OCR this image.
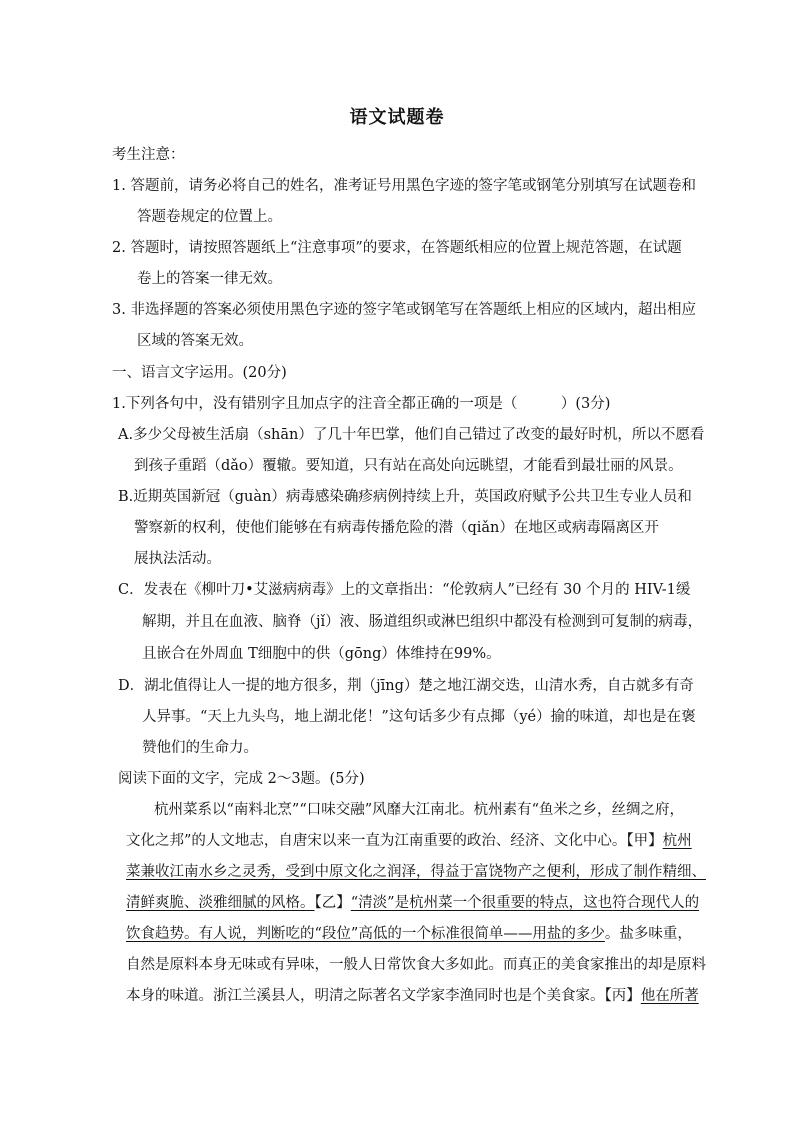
语文试题卷
考生注意：
1. 答题前，请务必将自己的姓名，准考证号用黑色字迹的签字笔或钢笔分别填写在试题卷和
答题卷规定的位置上。
2. 答题时，请按照答题纸上“注意事项”的要求，在答题纸相应的位置上规范答题，在试题
卷上的答案一律无效。
3. 非选择题的答案必须使用黑色字迹的签字笔或钢笔写在答题纸上相应的区域内，超出相应
区域的答案无效。
一、语言文字运用。(20分)
1.下列各句中，没有错别字且加点字的注音全都正确的一项是（　　　）(3分)
A.多少父母被生活扇（shān）了几十年巴掌，他们自己错过了改变的最好时机，所以不愿看
到孩子重蹈（dǎo）覆辙。要知道，只有站在高处向远眺望，才能看到最壮丽的风景。
B.近期英国新冠（guàn）病毒感染确疹病例持续上升，英国政府赋予公共卫生专业人员和
警察新的权利，使他们能够在有病毒传播危险的潜（qiǎn）在地区或病毒隔离区开
展执法活动。
C．发表在《柳叶刀•艾滋病病毒》上的文章指出：“伦敦病人”已经有 30 个月的 HIV-1缓
解期，并且在血液、脑脊（jǐ）液、肠道组织或淋巴组织中都没有检测到可复制的病毒，
且嵌合在外周血 T细胞中的供（gōng）体维持在99%。
D．湖北值得让人一提的地方很多，荆（jīng）楚之地江湖交迭，山清水秀，自古就多有奇
人异事。“天上九头鸟，地上湖北佬！”这句话多少有点揶（yé）揄的味道，却也是在褒
赞他们的生命力。
阅读下面的文字，完成 2～3题。(5分)
杭州菜系以“南料北烹”“口味交融”风靡大江南北。杭州素有“鱼米之乡，丝绸之府，
文化之邦”的人文地志，自唐宋以来一直为江南重要的政治、经济、文化中心。【甲】杭州
菜兼收江南水乡之灵秀，受到中原文化之润泽，得益于富饶物产之便利，形成了制作精细、
清鲜爽脆、淡雅细腻的风格。【乙】“清淡”是杭州菜一个很重要的特点，这也符合现代人的
饮食趋势。有人说，判断吃的“段位”高低的一个标准很简单——用盐的多少。盐多味重，
自然是原料本身无味或有异味，一般人日常饮食大多如此。而真正的美食家推出的却是原料
本身的味道。浙江兰溪县人，明清之际著名文学家李渔同时也是个美食家。【丙】他在所著
